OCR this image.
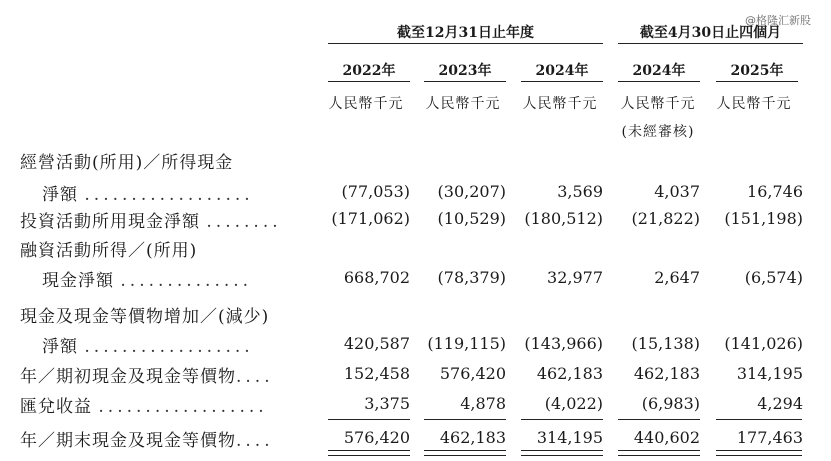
@格隆汇新股
截至12月31日止年度	截至4月30日止四個月
2022年	2023年	2024年	2024年	2025年
人民幣千元	人民幣千元	人民幣千元	人民幣千元	人民幣千元
(未經審核)
經營活動(所用)／所得現金
淨額 ..................	(77,053)	(30,207)	3,569	4,037	16,746
投資活動所用現金淨額 ........	(171,062)	(10,529)	(180,512)	(21,822)	(151,198)
融資活動所得／(所用)
現金淨額 ..............	668,702	(78,379)	32,977	2,647	(6,574)
現金及現金等價物增加／(減少)
淨額 ..................	420,587	(119,115)	(143,966)	(15,138)	(141,026)
年／期初現金及現金等價物....	152,458	576,420	462,183	462,183	314,195
匯兌收益 ..................	3,375	4,878	(4,022)	(6,983)	4,294
年／期末現金及現金等價物....	576,420	462,183	314,195	440,602	177,463
